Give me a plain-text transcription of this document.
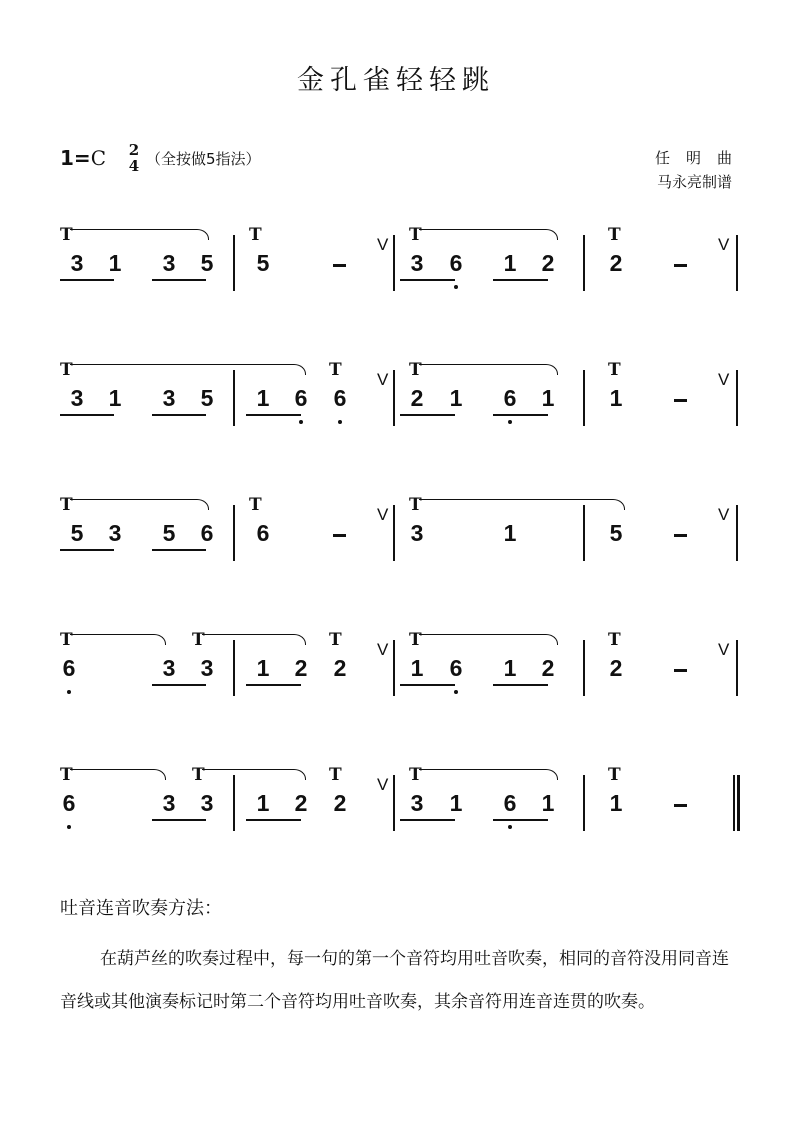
金孔雀轻轻跳
1=C 2
4 （全按做5指法）	任明曲
马永亮制谱
3 1 3 5 5	3 6 1 2 2
T	T	T	T
V	V
3 1 3 5 1 6 6	2 1 6 1 1
T	T	T	T
V	V
5 3 5 6 6	3	1	5
T	T	T
V	V
6	3 3 1 2 2	1 6 1 2 2
T	T	T	T	T
V	V
6	3 3 1 2 2	3 1 6 1 1
T	T	T	T	T
V
吐音连音吹奏方法：
在葫芦丝的吹奏过程中，每一句的第一个音符均用吐音吹奏，相同的音符没用同音连音线或其他演奏标记时第二个音符均用吐音吹奏，其余音符用连音连贯的吹奏。
